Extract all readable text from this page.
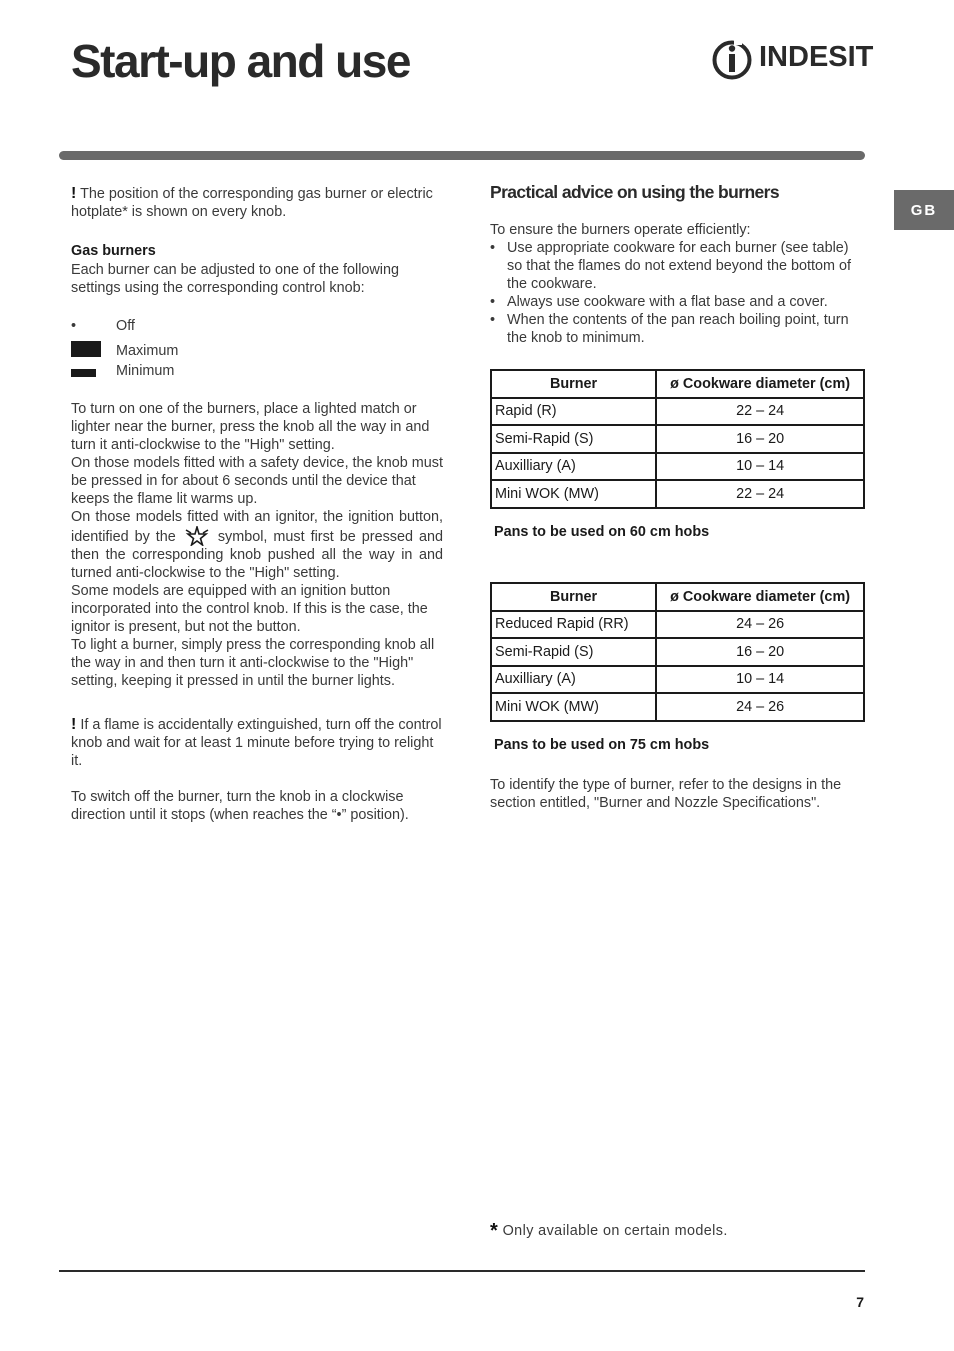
Start-up and use	INDESIT
GB
! The position of the corresponding gas burner or electric hotplate* is shown on every knob.
Gas burners
Each burner can be adjusted to one of the following settings using the corresponding control knob:
•	Off
Maximum
Minimum
To turn on one of the burners, place a lighted match or lighter near the burner, press the knob all the way in and turn it anti-clockwise to the "High" setting.
On those models fitted with a safety device, the knob must be pressed in for about 6 seconds until the device that keeps the flame lit warms up.
On those models fitted with an ignitor, the ignition button, identified by the	symbol, must first be pressed and then the corresponding knob pushed all the way in and turned anti-clockwise to the "High" setting.
Some models are equipped with an ignition button incorporated into the control knob. If this is the case, the ignitor is present, but not the button.
To light a burner, simply press the corresponding knob all the way in and then turn it anti-clockwise to the "High" setting, keeping it pressed in until the burner lights.
! If a flame is accidentally extinguished, turn off the control knob and wait for at least 1 minute before trying to relight it.
To switch off the burner, turn the knob in a clockwise direction until it stops (when reaches the “•” position).
Practical advice on using the burners
To ensure the burners operate efficiently:
• Use appropriate cookware for each burner (see table) so that the flames do not extend beyond the bottom of the cookware.
• Always use cookware with a flat base and a cover.
• When the contents of the pan reach boiling point, turn the knob to minimum.
Burner	ø Cookware diameter (cm)
Rapid (R)	22 – 24
Semi-Rapid (S)	16 – 20
Auxilliary (A)	10 – 14
Mini WOK (MW)	22 – 24
Pans to be used on 60 cm hobs
Burner	ø Cookware diameter (cm)
Reduced Rapid (RR)	24 – 26
Semi-Rapid (S)	16 – 20
Auxilliary (A)	10 – 14
Mini WOK (MW)	24 – 26
Pans to be used on 75 cm hobs
To identify the type of burner, refer to the designs in the section entitled, "Burner and Nozzle Specifications".
* Only available on certain models.
7
